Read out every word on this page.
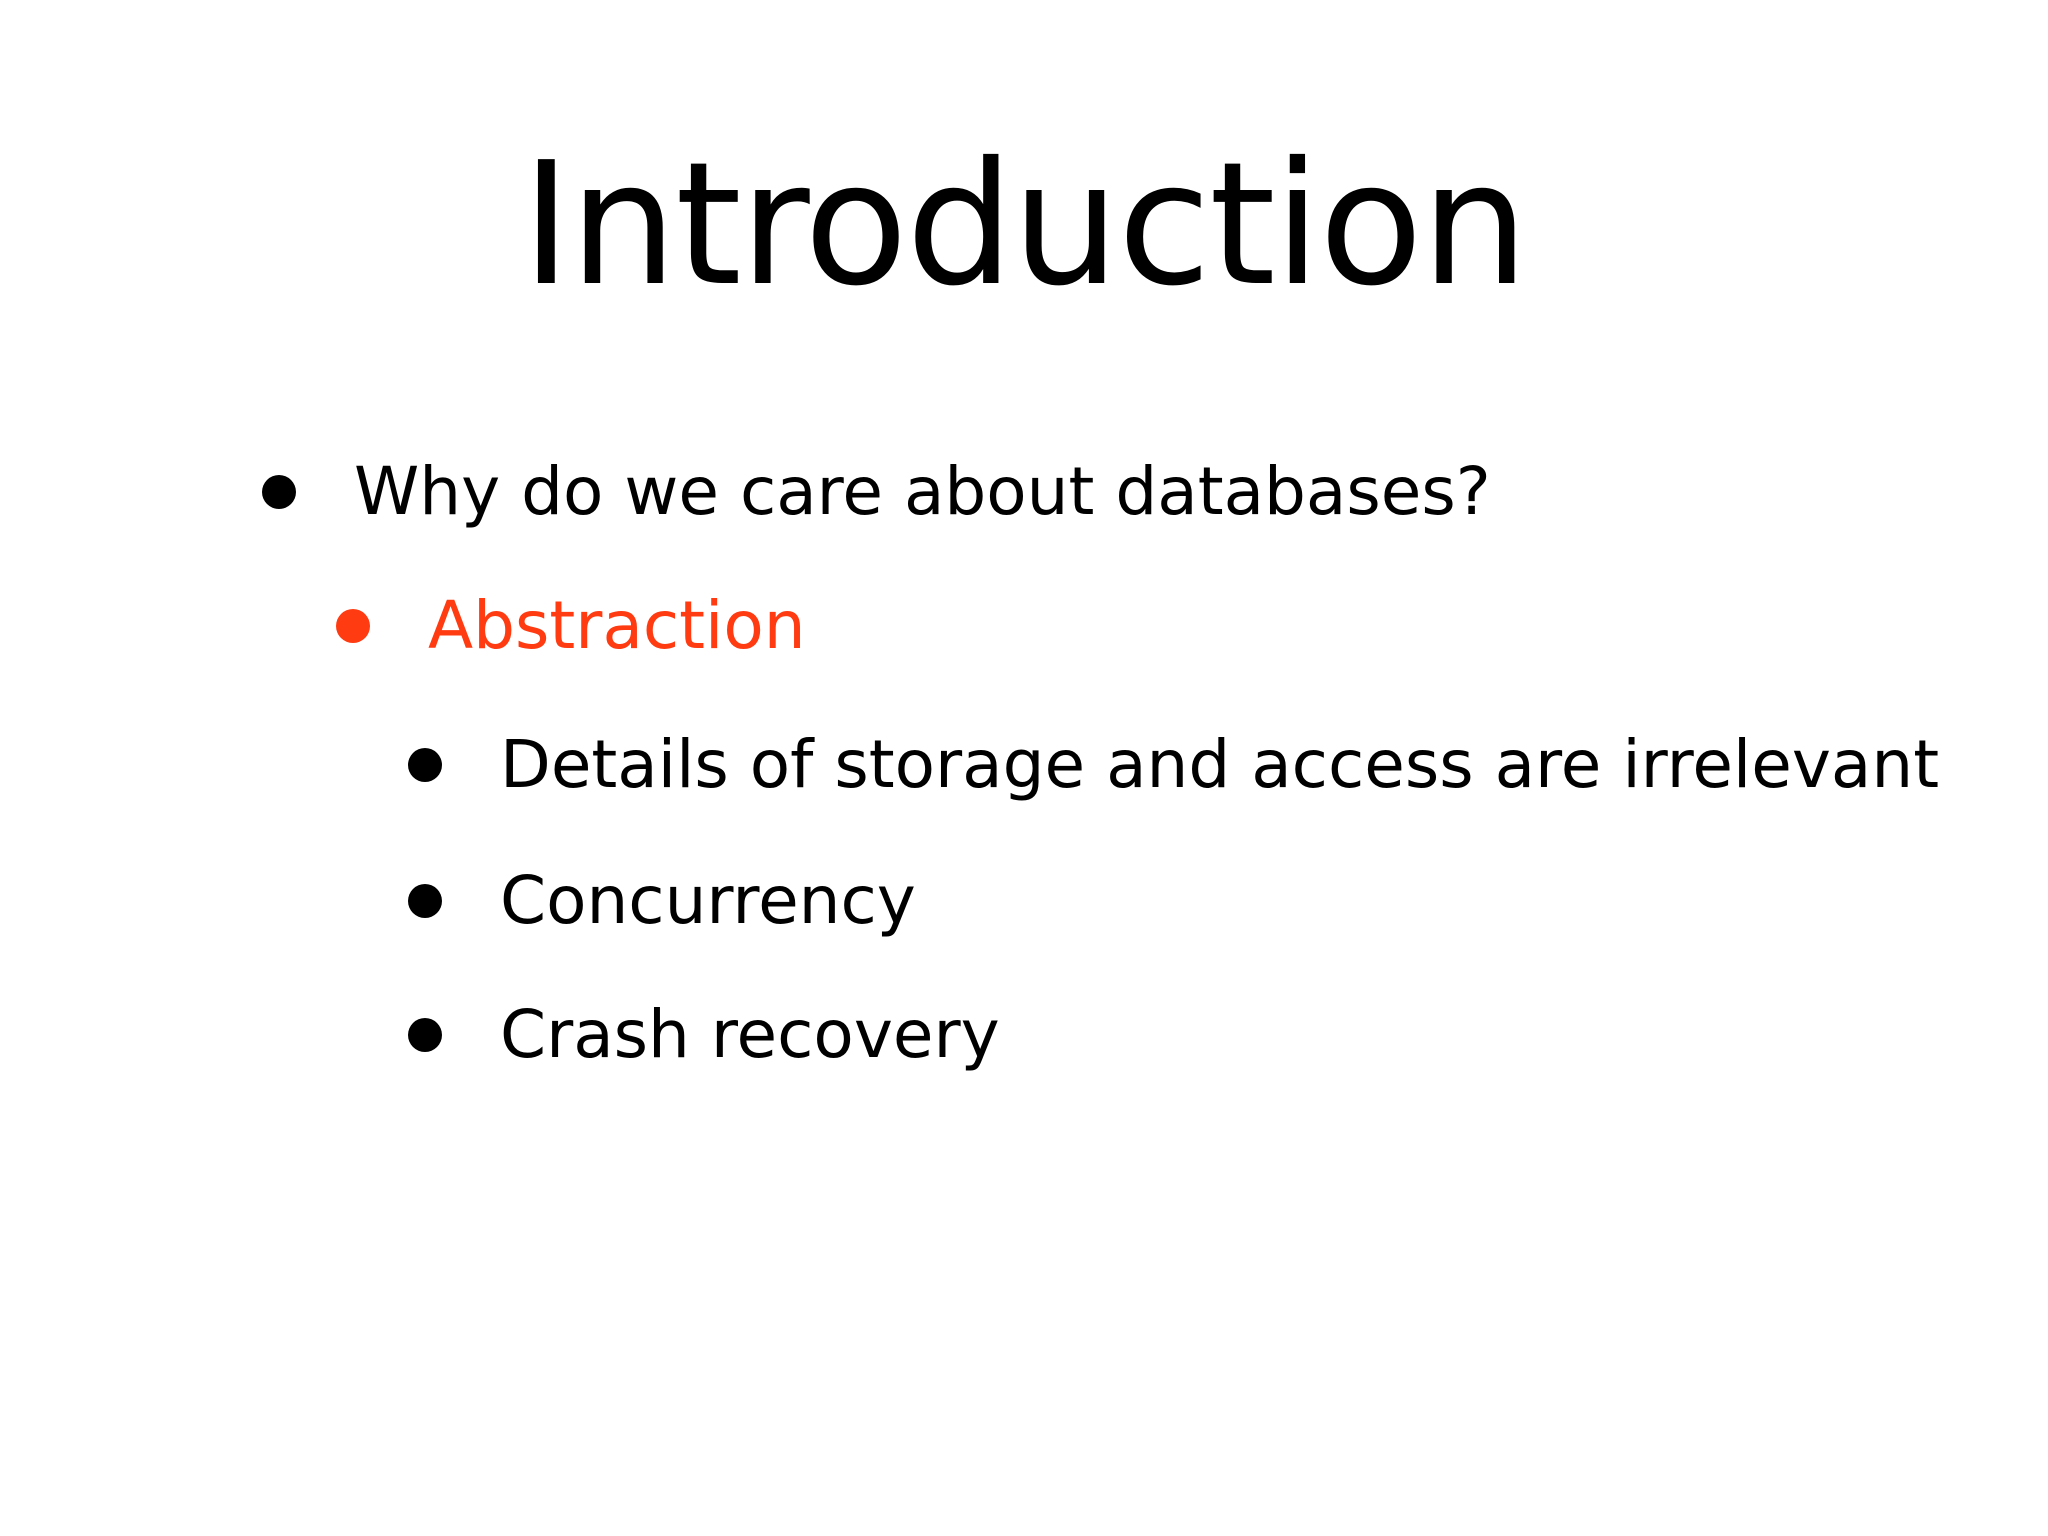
Introduction
Why do we care about databases?
Abstraction
Details of storage and access are irrelevant
Concurrency
Crash recovery
